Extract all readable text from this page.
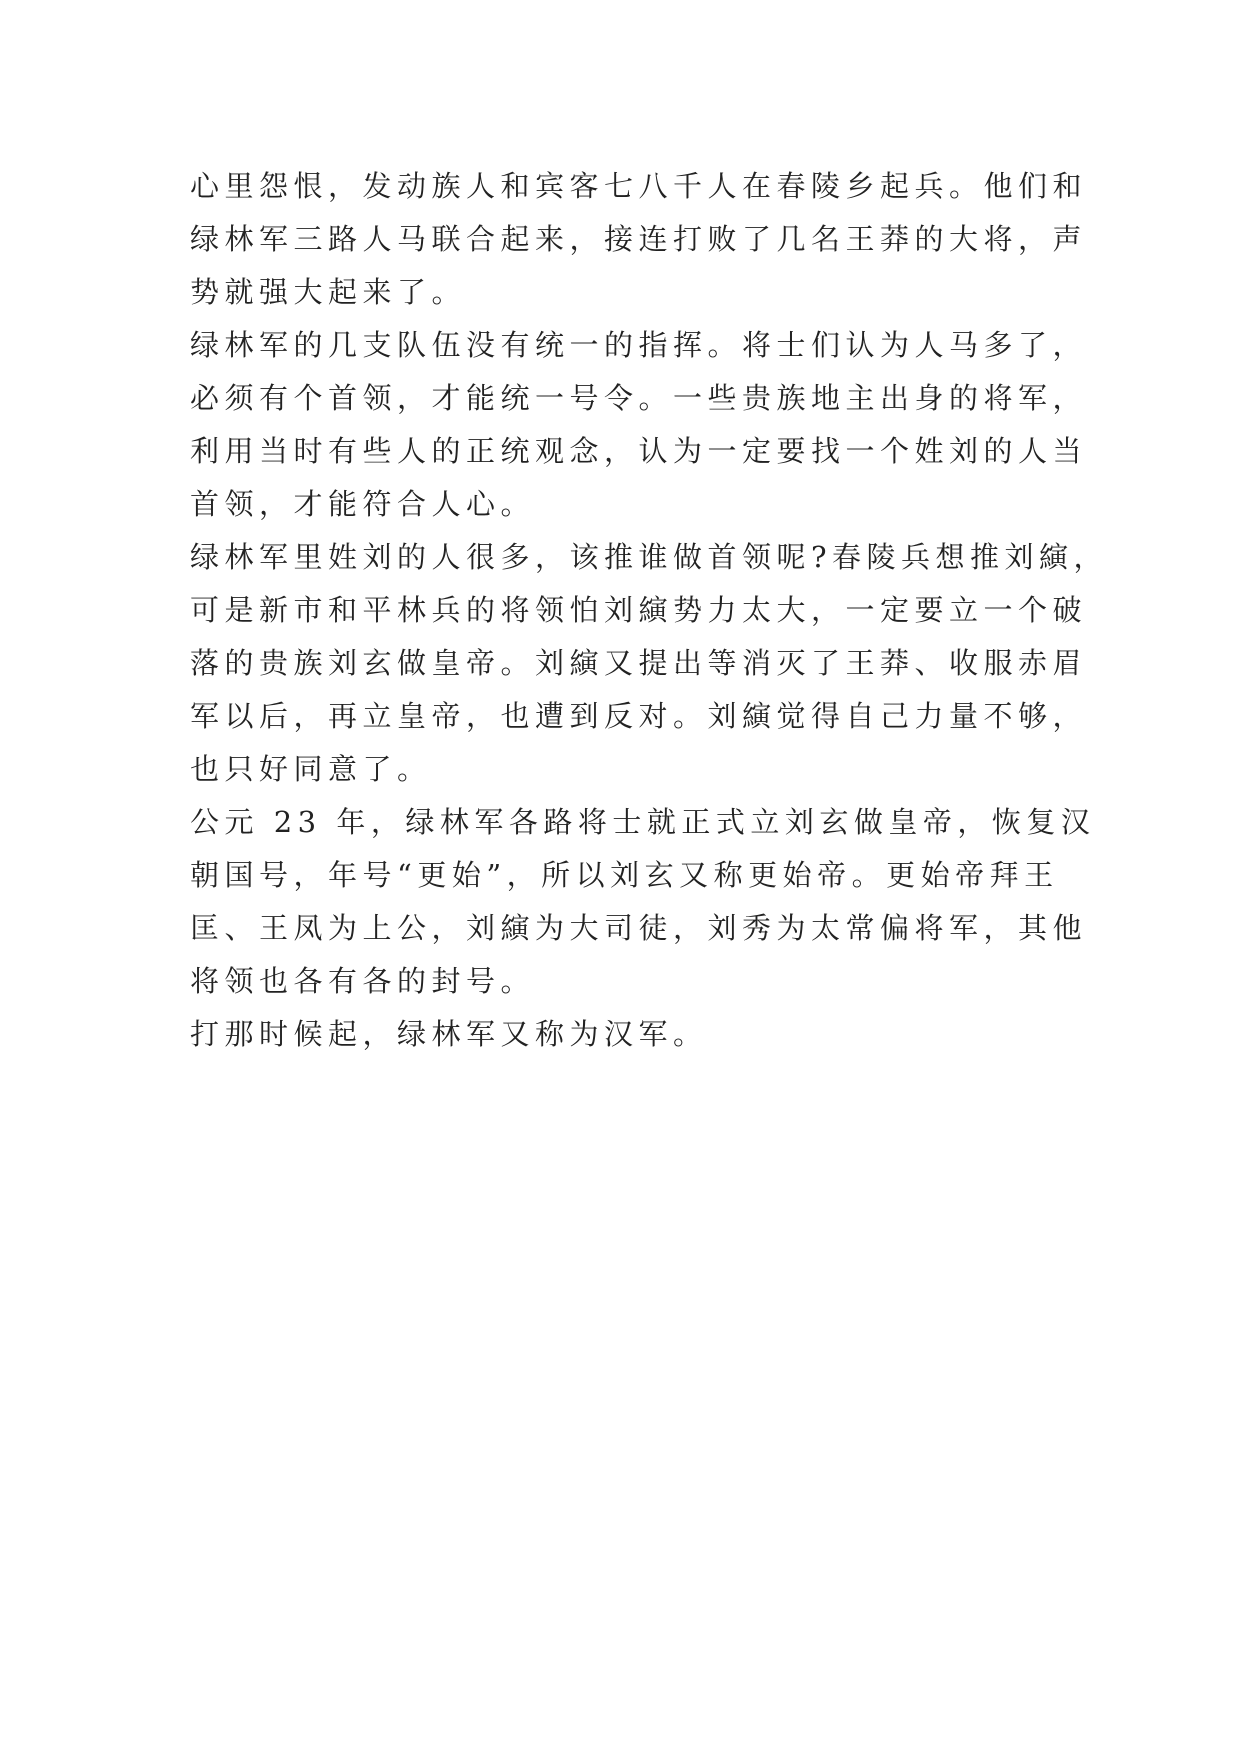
心里怨恨，发动族人和宾客七八千人在春陵乡起兵。他们和
绿林军三路人马联合起来，接连打败了几名王莽的大将，声
势就强大起来了。

绿林军的几支队伍没有统一的指挥。将士们认为人马多了，
必须有个首领，才能统一号令。一些贵族地主出身的将军，
利用当时有些人的正统观念，认为一定要找一个姓刘的人当
首领，才能符合人心。

绿林军里姓刘的人很多，该推谁做首领呢?春陵兵想推刘縯，
可是新市和平林兵的将领怕刘縯势力太大，一定要立一个破
落的贵族刘玄做皇帝。刘縯又提出等消灭了王莽、收服赤眉
军以后，再立皇帝，也遭到反对。刘縯觉得自己力量不够，
也只好同意了。

公元 23 年，绿林军各路将士就正式立刘玄做皇帝，恢复汉
朝国号，年号“更始”，所以刘玄又称更始帝。更始帝拜王
匡、王凤为上公，刘縯为大司徒，刘秀为太常偏将军，其他
将领也各有各的封号。

打那时候起，绿林军又称为汉军。
